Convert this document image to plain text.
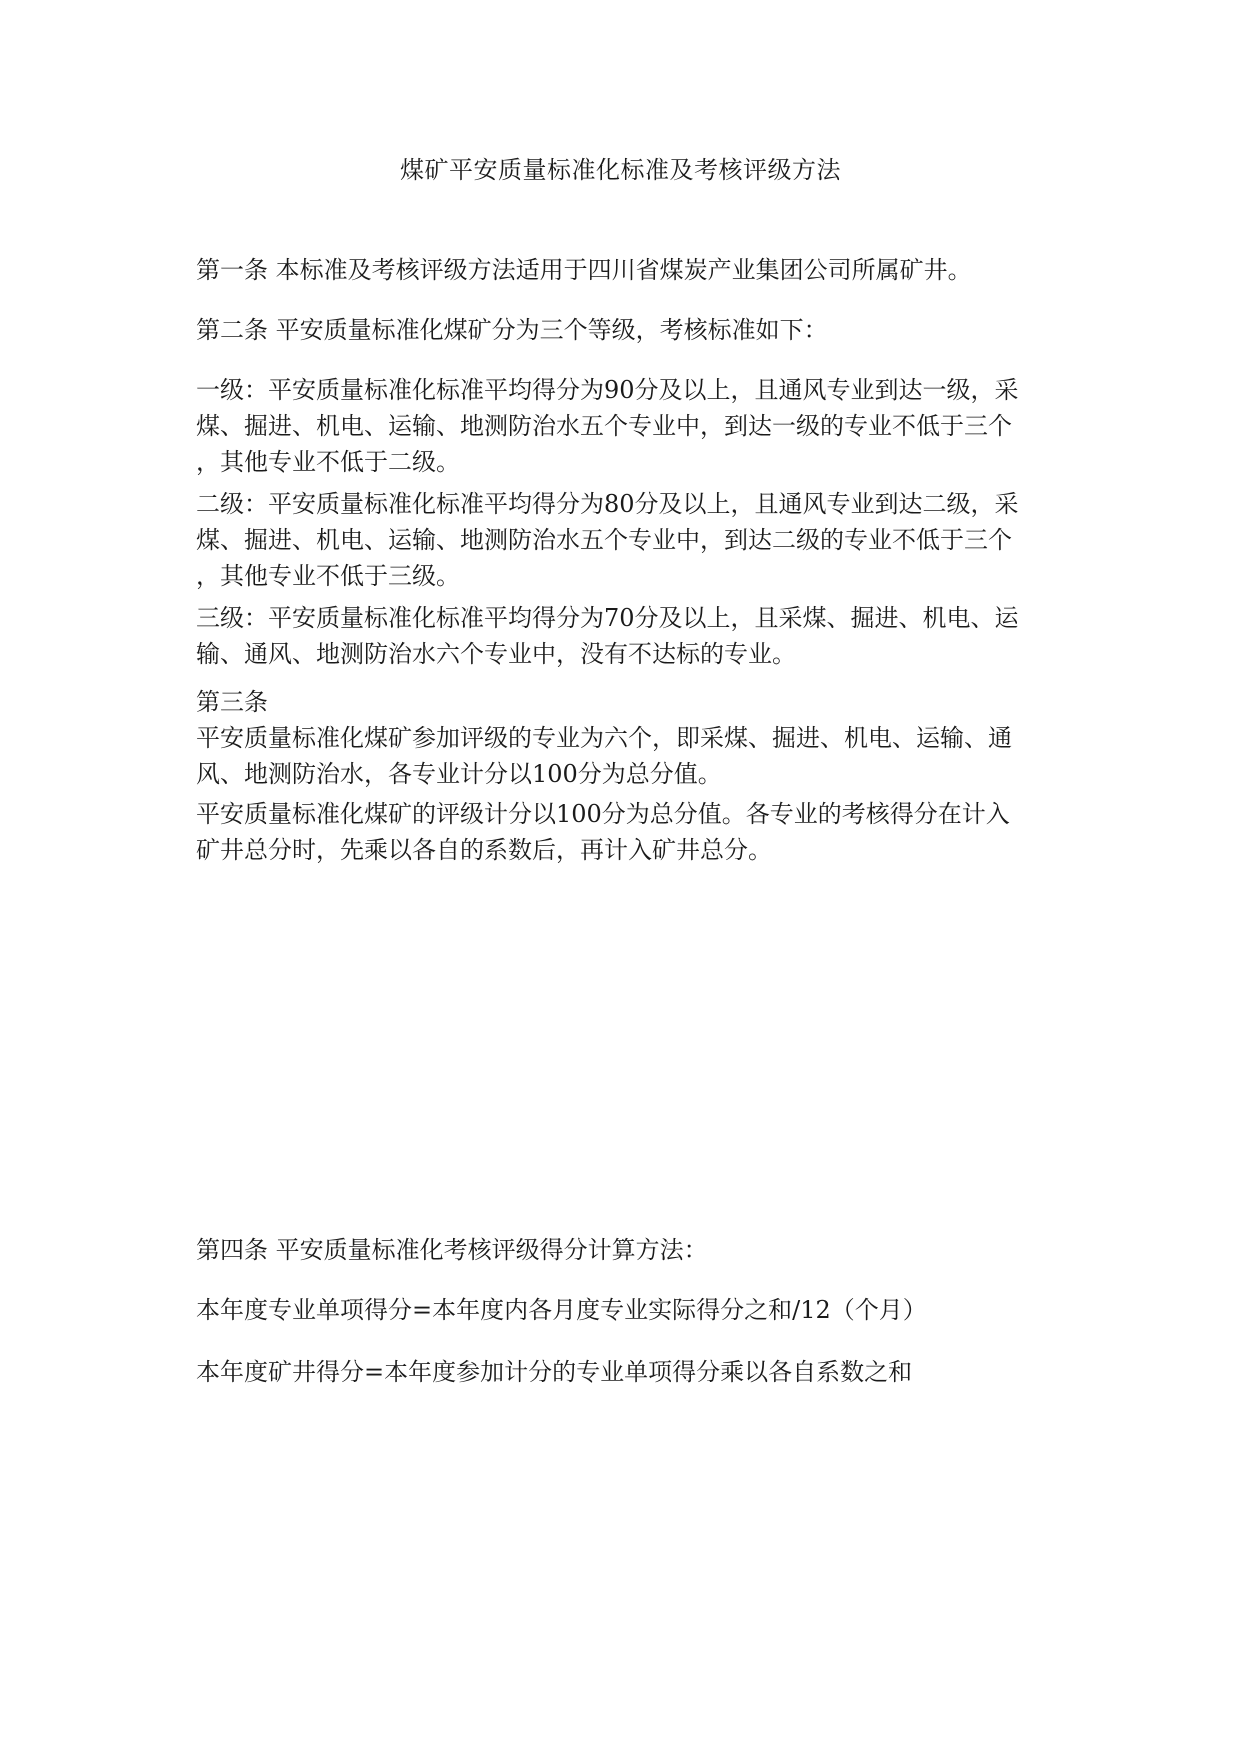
煤矿平安质量标准化标准及考核评级方法
第一条 本标准及考核评级方法适用于四川省煤炭产业集团公司所属矿井。
第二条 平安质量标准化煤矿分为三个等级，考核标准如下：
一级：平安质量标准化标准平均得分为90分及以上，且通风专业到达一级，采
煤、掘进、机电、运输、地测防治水五个专业中，到达一级的专业不低于三个
，其他专业不低于二级。
二级：平安质量标准化标准平均得分为80分及以上，且通风专业到达二级，采
煤、掘进、机电、运输、地测防治水五个专业中，到达二级的专业不低于三个
，其他专业不低于三级。
三级：平安质量标准化标准平均得分为70分及以上，且采煤、掘进、机电、运
输、通风、地测防治水六个专业中，没有不达标的专业。
第三条
平安质量标准化煤矿参加评级的专业为六个，即采煤、掘进、机电、运输、通
风、地测防治水，各专业计分以100分为总分值。
平安质量标准化煤矿的评级计分以100分为总分值。各专业的考核得分在计入
矿井总分时，先乘以各自的系数后，再计入矿井总分。
第四条 平安质量标准化考核评级得分计算方法：
本年度专业单项得分=本年度内各月度专业实际得分之和/12（个月）
本年度矿井得分=本年度参加计分的专业单项得分乘以各自系数之和
